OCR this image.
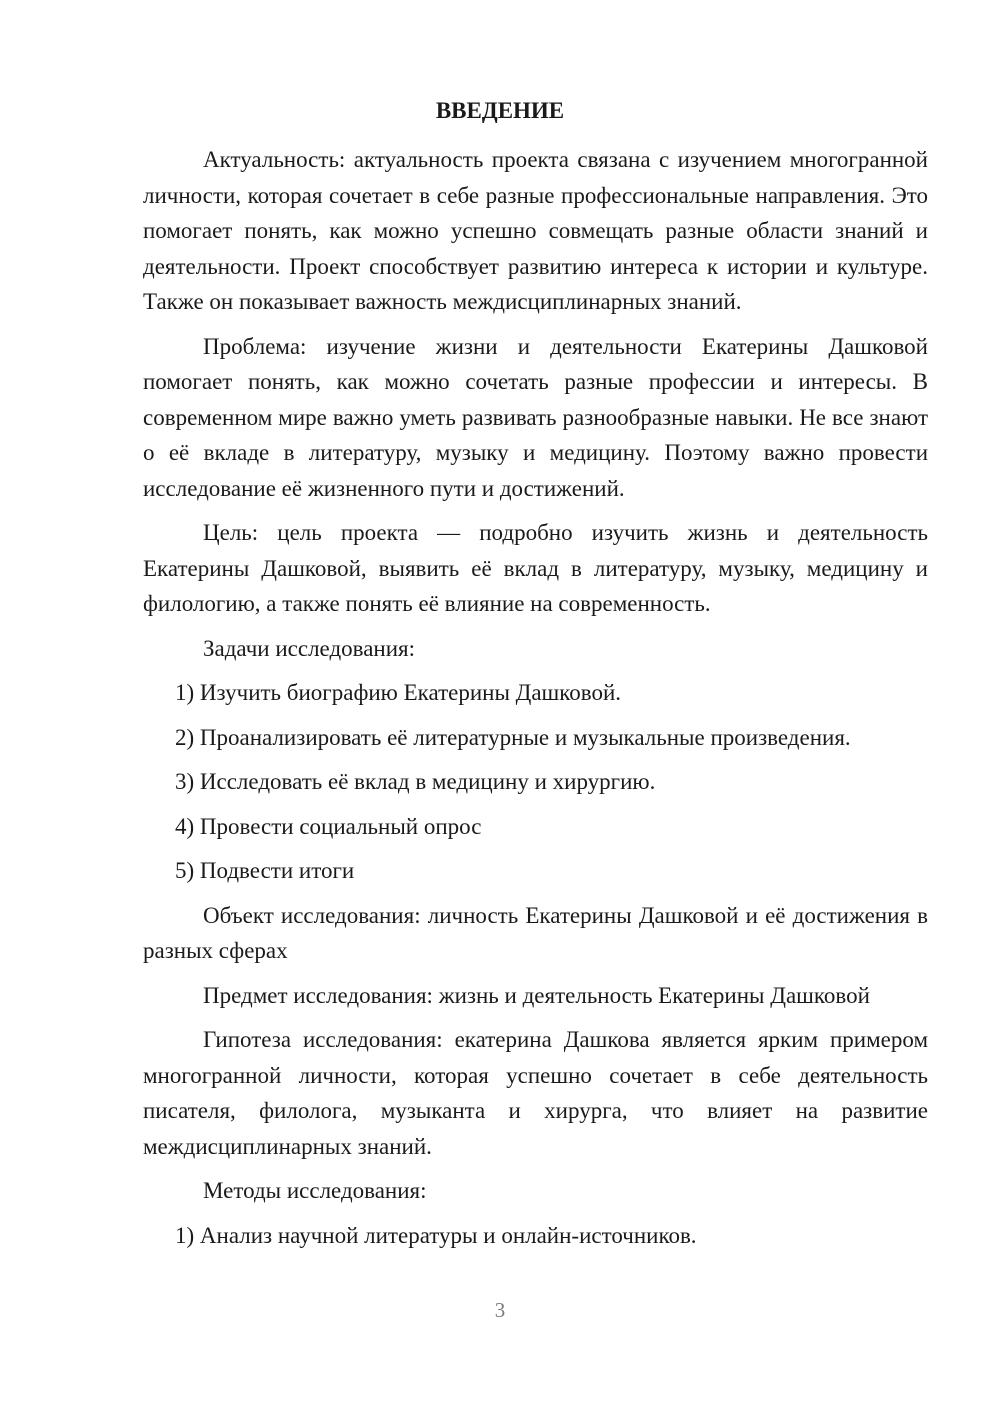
ВВЕДЕНИЕ

Актуальность: актуальность проекта связана с изучением многогранной личности, которая сочетает в себе разные профессиональные направления. Это помогает понять, как можно успешно совмещать разные области знаний и деятельности. Проект способствует развитию интереса к истории и культуре. Также он показывает важность междисциплинарных знаний.

Проблема: изучение жизни и деятельности Екатерины Дашковой помогает понять, как можно сочетать разные профессии и интересы. В современном мире важно уметь развивать разнообразные навыки. Не все знают о её вкладе в литературу, музыку и медицину. Поэтому важно провести исследование её жизненного пути и достижений.

Цель: цель проекта — подробно изучить жизнь и деятельность Екатерины Дашковой, выявить её вклад в литературу, музыку, медицину и филологию, а также понять её влияние на современность.

Задачи исследования:

1) Изучить биографию Екатерины Дашковой.

2) Проанализировать её литературные и музыкальные произведения.

3) Исследовать её вклад в медицину и хирургию.

4) Провести социальный опрос

5) Подвести итоги

Объект исследования: личность Екатерины Дашковой и её достижения в разных сферах

Предмет исследования: жизнь и деятельность Екатерины Дашковой

Гипотеза исследования: екатерина Дашкова является ярким примером многогранной личности, которая успешно сочетает в себе деятельность писателя, филолога, музыканта и хирурга, что влияет на развитие междисциплинарных знаний.

Методы исследования:

1) Анализ научной литературы и онлайн-источников.

3
